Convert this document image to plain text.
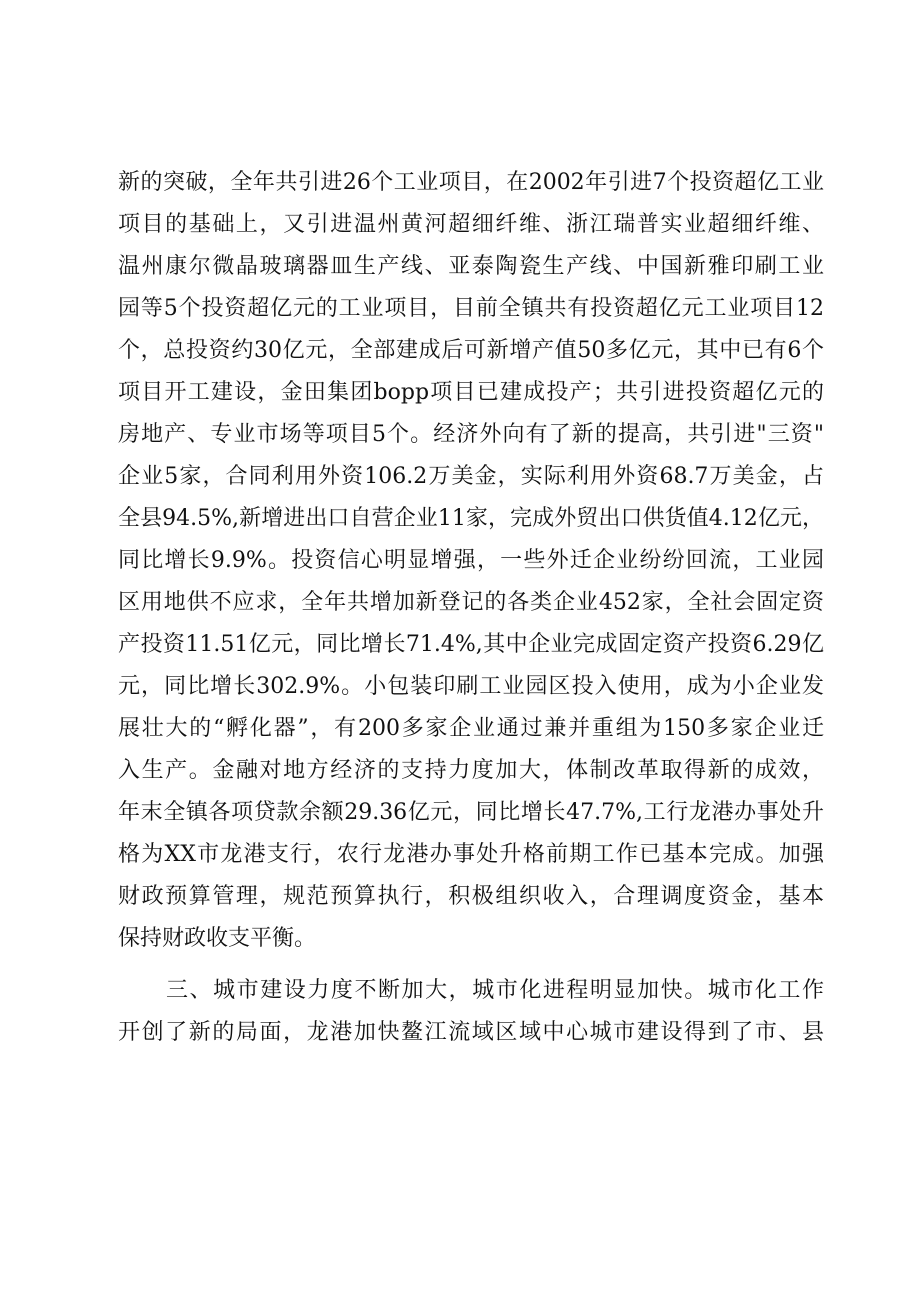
新的突破，全年共引进26个工业项目，在2002年引进7个投资超亿工业
项目的基础上，又引进温州黄河超细纤维、浙江瑞普实业超细纤维、
温州康尔微晶玻璃器皿生产线、亚泰陶瓷生产线、中国新雅印刷工业
园等5个投资超亿元的工业项目，目前全镇共有投资超亿元工业项目12
个，总投资约30亿元，全部建成后可新增产值50多亿元，其中已有6个
项目开工建设，金田集团bopp项目已建成投产；共引进投资超亿元的
房地产、专业市场等项目5个。经济外向有了新的提高，共引进"三资"
企业5家，合同利用外资106.2万美金，实际利用外资68.7万美金，占
全县94.5%,新增进出口自营企业11家，完成外贸出口供货值4.12亿元，
同比增长9.9%。投资信心明显增强，一些外迁企业纷纷回流，工业园
区用地供不应求，全年共增加新登记的各类企业452家，全社会固定资
产投资11.51亿元，同比增长71.4%,其中企业完成固定资产投资6.29亿
元，同比增长302.9%。小包装印刷工业园区投入使用，成为小企业发
展壮大的“孵化器”，有200多家企业通过兼并重组为150多家企业迁
入生产。金融对地方经济的支持力度加大，体制改革取得新的成效，
年末全镇各项贷款余额29.36亿元，同比增长47.7%,工行龙港办事处升
格为XX市龙港支行，农行龙港办事处升格前期工作已基本完成。加强
财政预算管理，规范预算执行，积极组织收入，合理调度资金，基本
保持财政收支平衡。
三、城市建设力度不断加大，城市化进程明显加快。城市化工作
开创了新的局面，龙港加快鳌江流域区域中心城市建设得到了市、县
